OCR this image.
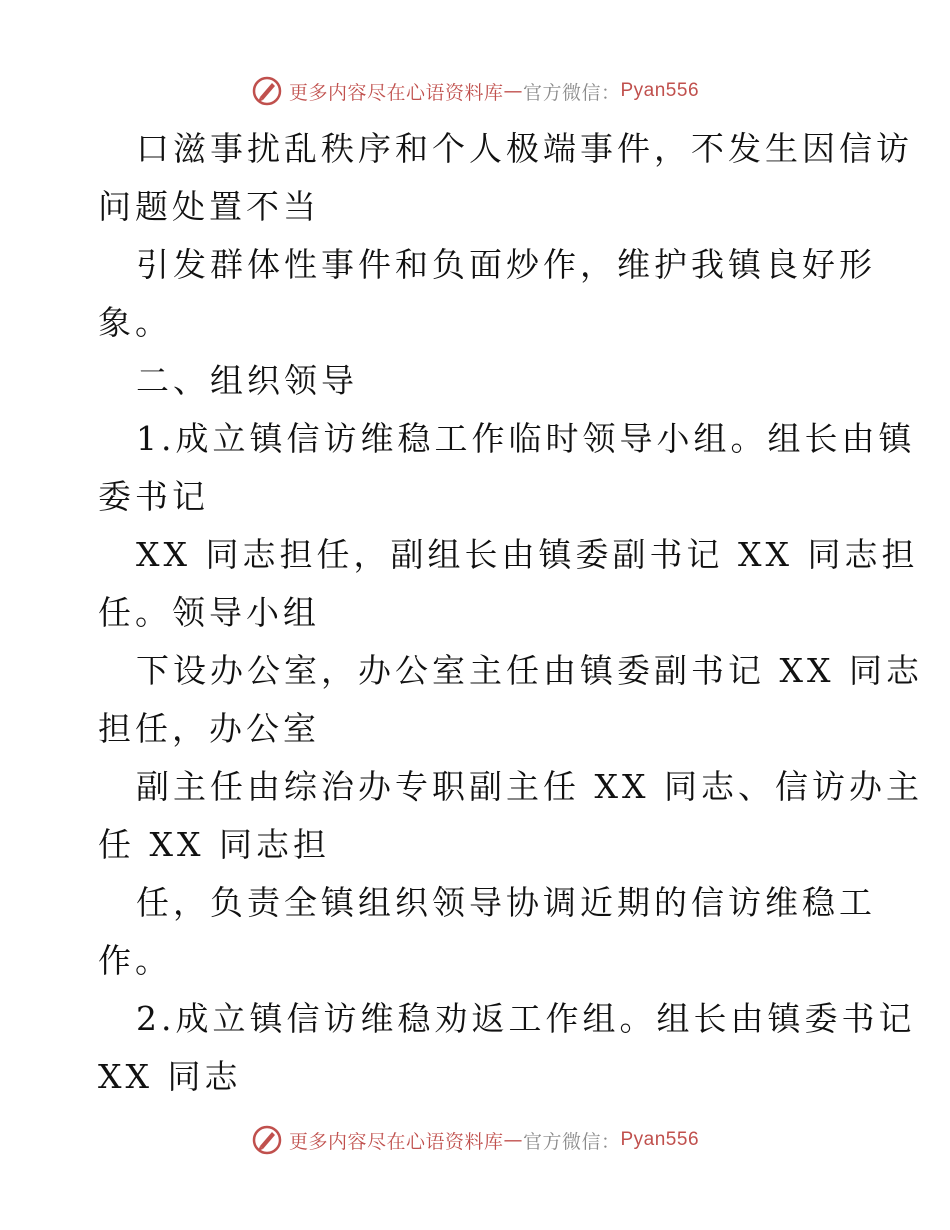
更多内容尽在心语资料库 — 官方微信： Pyan556
口滋事扰乱秩序和个人极端事件，不发生因信访
问题处置不当
引发群体性事件和负面炒作，维护我镇良好形
象。
二、组织领导
1.成立镇信访维稳工作临时领导小组。组长由镇
委书记
XX 同志担任，副组长由镇委副书记 XX 同志担
任。领导小组
下设办公室，办公室主任由镇委副书记 XX 同志
担任，办公室
副主任由综治办专职副主任 XX 同志、信访办主
任 XX 同志担
任，负责全镇组织领导协调近期的信访维稳工
作。
2.成立镇信访维稳劝返工作组。组长由镇委书记
XX 同志
更多内容尽在心语资料库 — 官方微信： Pyan556
